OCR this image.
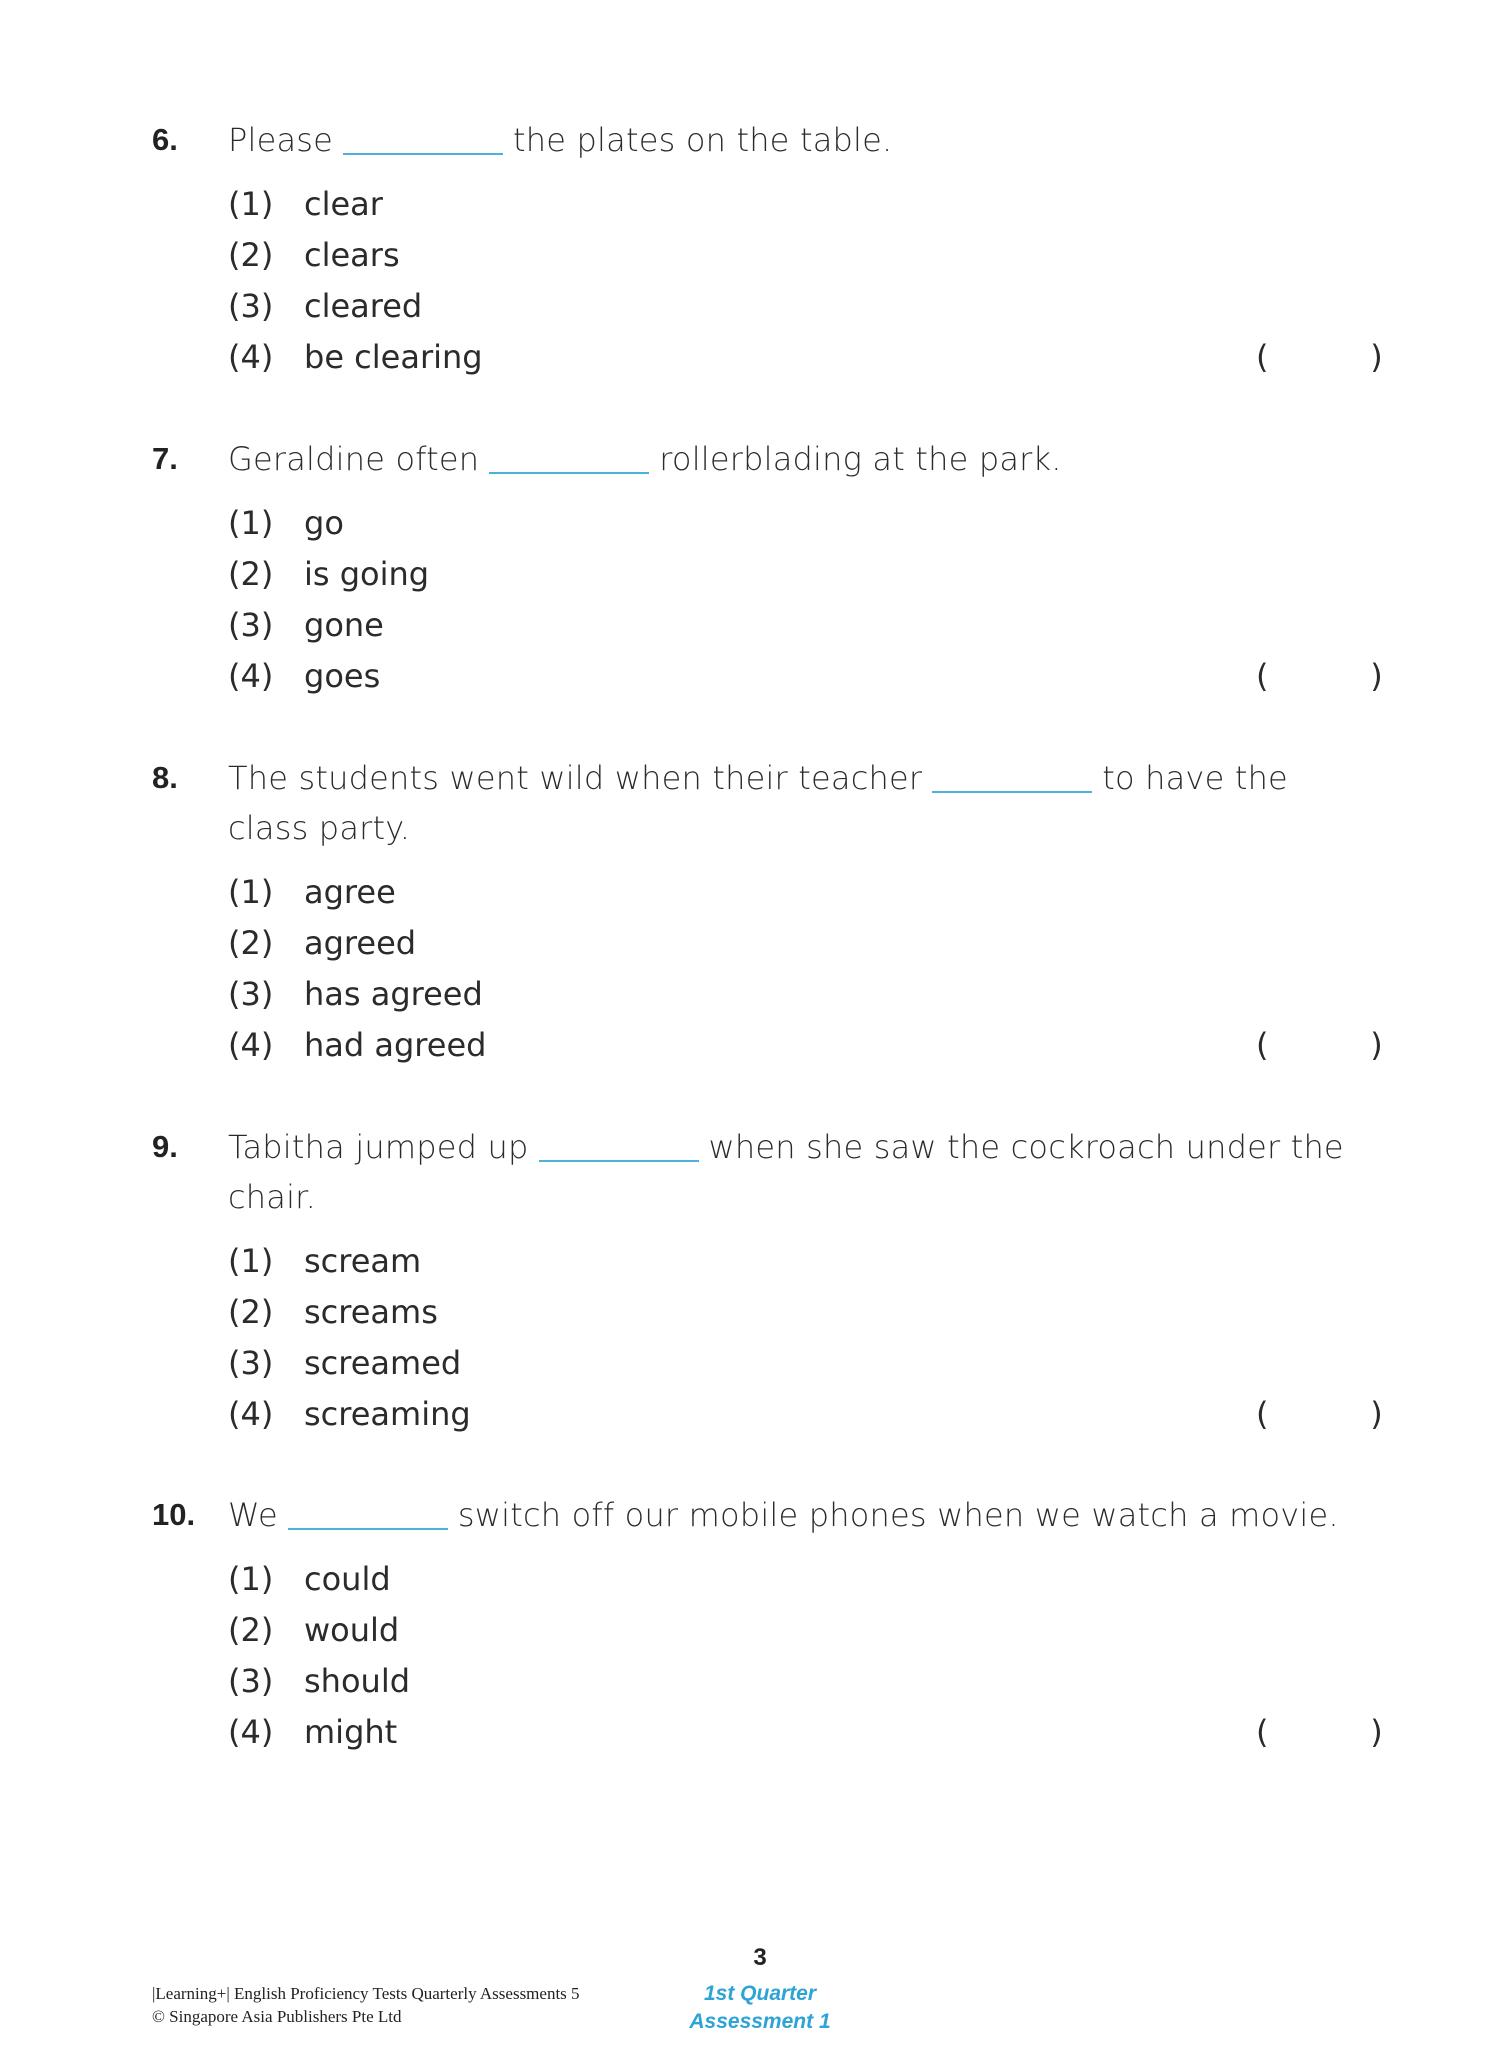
6. Please	the plates on the table.
(1) clear
(2) clears
(3) cleared
(4) be clearing	(          )
7. Geraldine often	rollerblading at the park.
(1) go
(2) is going
(3) gone
(4) goes	(          )
8. The students went wild when their teacher	to have the class party.
(1) agree
(2) agreed
(3) has agreed
(4) had agreed	(          )
9. Tabitha jumped up	when she saw the cockroach under the chair.
(1) scream
(2) screams
(3) screamed
(4) screaming	(          )
10. We	switch off our mobile phones when we watch a movie.
(1) could
(2) would
(3) should
(4) might	(          )
3
|Learning+| English Proficiency Tests Quarterly Assessments 5
© Singapore Asia Publishers Pte Ltd
1st Quarter
Assessment 1
